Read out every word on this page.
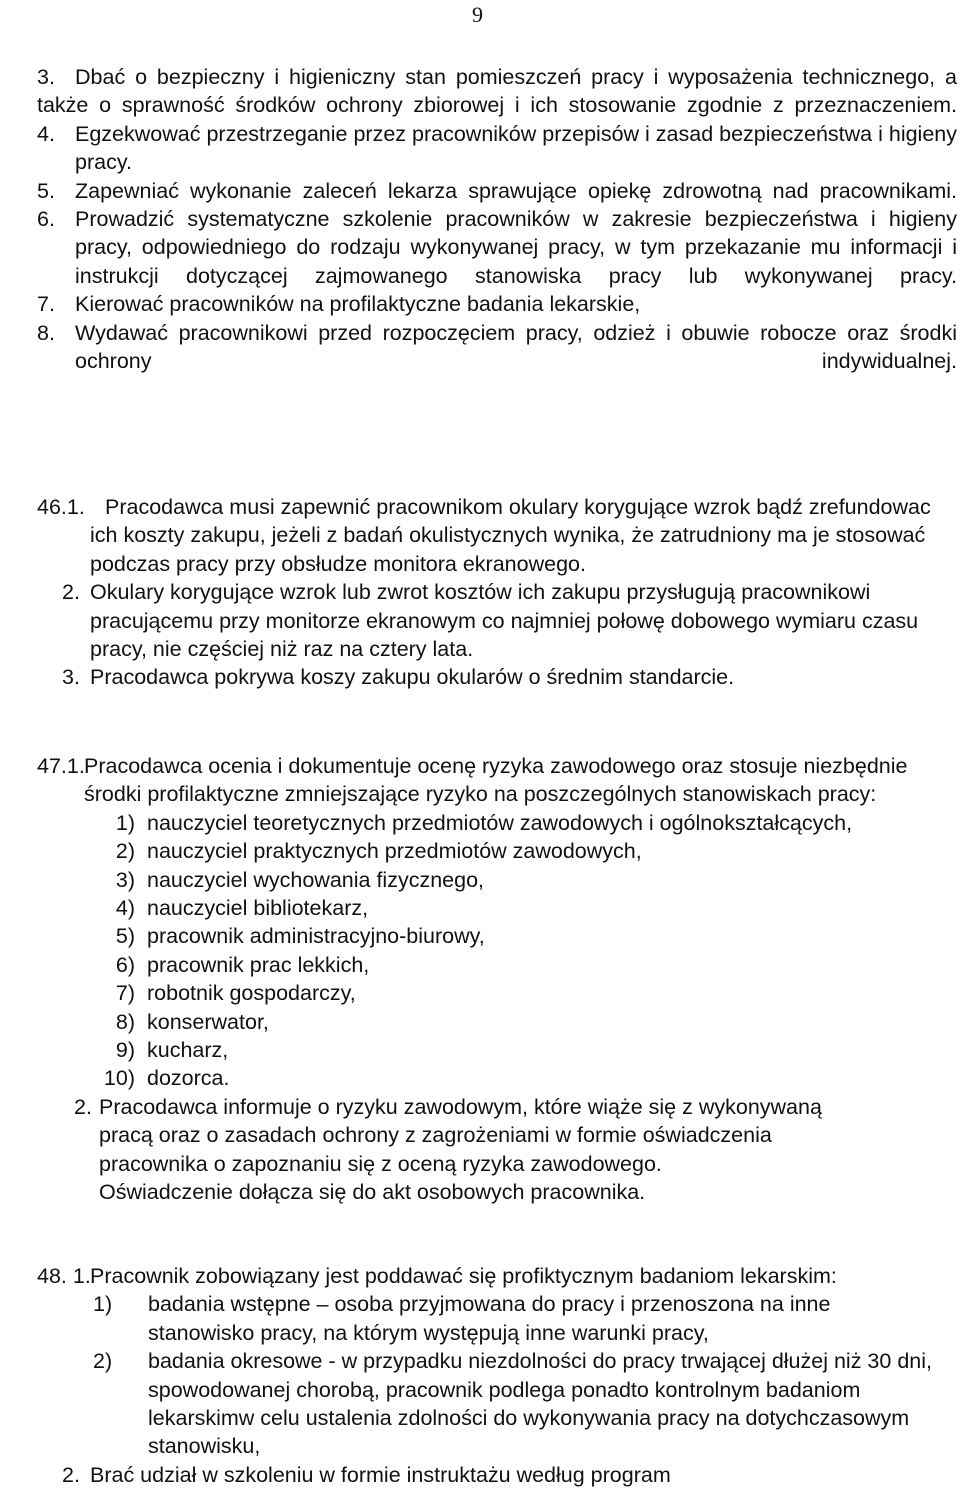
9
3. Dbać o bezpieczny i higieniczny stan pomieszczeń pracy i wyposażenia technicznego, a także o sprawność środków ochrony zbiorowej i ich stosowanie zgodnie z przeznaczeniem.
4. Egzekwować przestrzeganie przez pracowników przepisów i zasad bezpieczeństwa i higieny pracy.
5. Zapewniać wykonanie zaleceń lekarza sprawujące opiekę zdrowotną nad pracownikami.
6. Prowadzić systematyczne szkolenie pracowników w zakresie bezpieczeństwa i higieny pracy, odpowiedniego do rodzaju wykonywanej pracy, w tym przekazanie mu informacji i instrukcji dotyczącej zajmowanego stanowiska pracy lub wykonywanej pracy.
7. Kierować pracowników na profilaktyczne badania lekarskie,
8. Wydawać pracownikowi przed rozpoczęciem pracy, odzież i obuwie robocze oraz środki ochrony indywidualnej.
46.1. Pracodawca musi zapewnić pracownikom okulary korygujące wzrok bądź zrefundowac ich koszty zakupu, jeżeli z badań okulistycznych wynika, że zatrudniony ma je stosować podczas pracy przy obsłudze monitora ekranowego.
2. Okulary korygujące wzrok lub zwrot kosztów ich zakupu przysługują pracownikowi pracującemu przy monitorze ekranowym co najmniej połowę dobowego wymiaru czasu pracy, nie częściej niż raz na cztery lata.
3. Pracodawca pokrywa koszy zakupu okularów o średnim standarcie.
47.1. Pracodawca ocenia i dokumentuje ocenę ryzyka zawodowego oraz stosuje niezbędnie środki profilaktyczne zmniejszające ryzyko na poszczególnych stanowiskach pracy:
1) nauczyciel teoretycznych przedmiotów zawodowych i ogólnokształcących,
2) nauczyciel praktycznych przedmiotów zawodowych,
3) nauczyciel wychowania fizycznego,
4) nauczyciel bibliotekarz,
5) pracownik administracyjno-biurowy,
6) pracownik prac lekkich,
7) robotnik gospodarczy,
8) konserwator,
9) kucharz,
10) dozorca.
2. Pracodawca informuje o ryzyku zawodowym, które wiąże się z wykonywaną
pracą oraz o zasadach ochrony z zagrożeniami w formie oświadczenia
pracownika o zapoznaniu się z oceną ryzyka zawodowego.
Oświadczenie dołącza się do akt osobowych pracownika.
48. 1. Pracownik zobowiązany jest poddawać się profiktycznym badaniom lekarskim:
1) badania wstępne – osoba przyjmowana do pracy i przenoszona na inne stanowisko pracy, na którym występują inne warunki pracy,
2) badania okresowe - w przypadku niezdolności do pracy trwającej dłużej niż 30 dni, spowodowanej chorobą, pracownik podlega ponadto kontrolnym badaniom lekarskimw celu ustalenia zdolności do wykonywania pracy na dotychczasowym stanowisku,
2. Brać udział w szkoleniu w formie instruktażu według program
